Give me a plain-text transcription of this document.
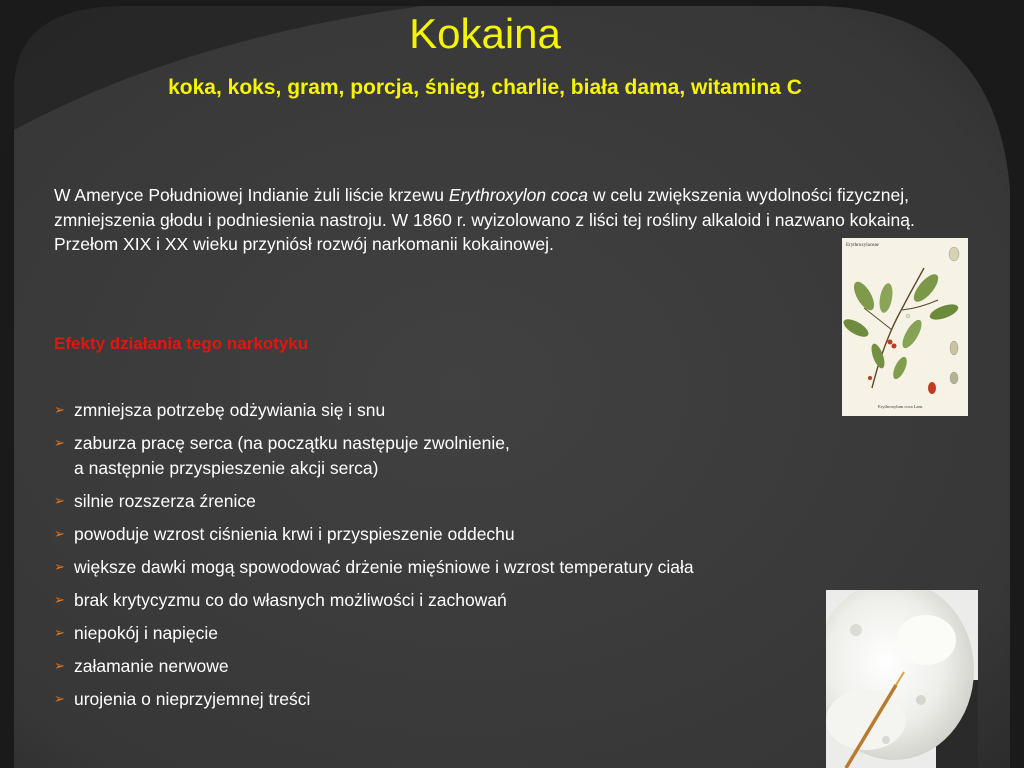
Kokaina
koka, koks, gram, porcja, śnieg, charlie, biała dama, witamina C

W Ameryce Południowej Indianie żuli liście krzewu Erythroxylon coca w celu zwiększenia wydolności fizycznej, zmniejszenia głodu i podniesienia nastroju. W 1860 r. wyizolowano z liści tej rośliny alkaloid i nazwano kokainą.

Przełom XIX i XX wieku przyniósł rozwój narkomanii kokainowej.

Efekty działania tego narkotyku
➢ zmniejsza potrzebę odżywiania się i snu
➢ zaburza pracę serca (na początku następuje zwolnienie,
a następnie przyspieszenie akcji serca)
➢ silnie rozszerza źrenice
➢ powoduje wzrost ciśnienia krwi i przyspieszenie oddechu
➢ większe dawki mogą spowodować drżenie mięśniowe i wzrost temperatury ciała
➢ brak krytycyzmu co do własnych możliwości i zachowań
➢ niepokój i napięcie
➢ załamanie nerwowe
➢ urojenia o nieprzyjemnej treści
Erythroxylaceae
Erythroxylum coca Lam.
